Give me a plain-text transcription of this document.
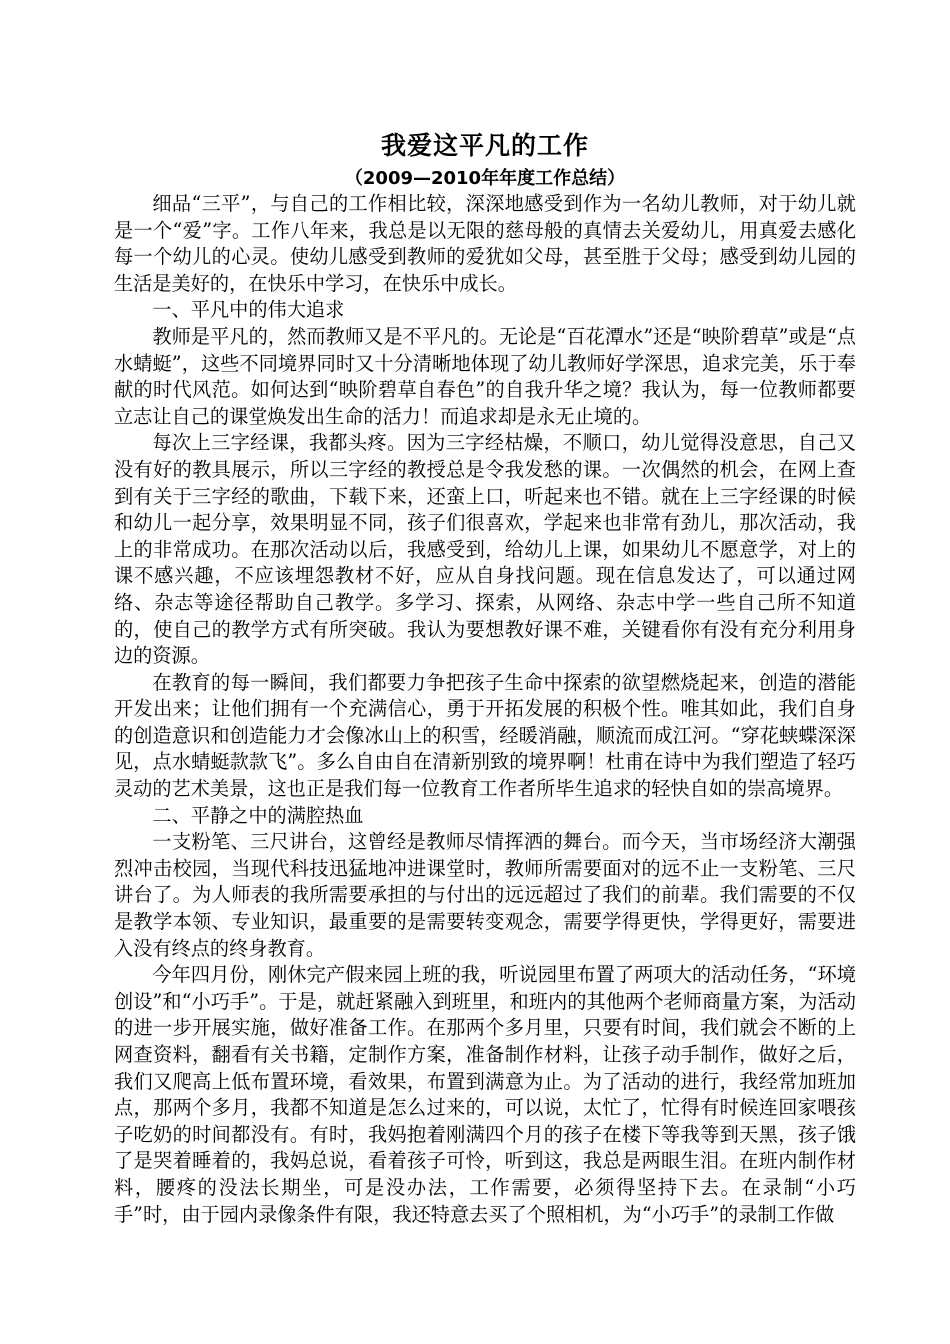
我爱这平凡的工作
（2009—2010年年度工作总结）

细品“三平”，与自己的工作相比较，深深地感受到作为一名幼儿教师，对于幼儿就是一个“爱”字。工作八年来，我总是以无限的慈母般的真情去关爱幼儿，用真爱去感化每一个幼儿的心灵。使幼儿感受到教师的爱犹如父母，甚至胜于父母；感受到幼儿园的生活是美好的，在快乐中学习，在快乐中成长。

一、平凡中的伟大追求

教师是平凡的，然而教师又是不平凡的。无论是“百花潭水”还是“映阶碧草”或是“点水蜻蜓”，这些不同境界同时又十分清晰地体现了幼儿教师好学深思，追求完美，乐于奉献的时代风范。如何达到“映阶碧草自春色”的自我升华之境？我认为，每一位教师都要立志让自己的课堂焕发出生命的活力！而追求却是永无止境的。

每次上三字经课，我都头疼。因为三字经枯燥，不顺口，幼儿觉得没意思，自己又没有好的教具展示，所以三字经的教授总是令我发愁的课。一次偶然的机会，在网上查到有关于三字经的歌曲，下载下来，还蛮上口，听起来也不错。就在上三字经课的时候和幼儿一起分享，效果明显不同，孩子们很喜欢，学起来也非常有劲儿，那次活动，我上的非常成功。在那次活动以后，我感受到，给幼儿上课，如果幼儿不愿意学，对上的课不感兴趣，不应该埋怨教材不好，应从自身找问题。现在信息发达了，可以通过网络、杂志等途径帮助自己教学。多学习、探索，从网络、杂志中学一些自己所不知道的，使自己的教学方式有所突破。我认为要想教好课不难，关键看你有没有充分利用身边的资源。

在教育的每一瞬间，我们都要力争把孩子生命中探索的欲望燃烧起来，创造的潜能开发出来；让他们拥有一个充满信心，勇于开拓发展的积极个性。唯其如此，我们自身的创造意识和创造能力才会像冰山上的积雪，经暖消融，顺流而成江河。“穿花蛱蝶深深见，点水蜻蜓款款飞”。多么自由自在清新别致的境界啊！杜甫在诗中为我们塑造了轻巧灵动的艺术美景，这也正是我们每一位教育工作者所毕生追求的轻快自如的崇高境界。

二、平静之中的满腔热血

一支粉笔、三尺讲台，这曾经是教师尽情挥洒的舞台。而今天，当市场经济大潮强烈冲击校园，当现代科技迅猛地冲进课堂时，教师所需要面对的远不止一支粉笔、三尺讲台了。为人师表的我所需要承担的与付出的远远超过了我们的前辈。我们需要的不仅是教学本领、专业知识，最重要的是需要转变观念，需要学得更快，学得更好，需要进入没有终点的终身教育。

今年四月份，刚休完产假来园上班的我，听说园里布置了两项大的活动任务，“环境创设”和“小巧手”。于是，就赶紧融入到班里，和班内的其他两个老师商量方案，为活动的进一步开展实施，做好准备工作。在那两个多月里，只要有时间，我们就会不断的上网查资料，翻看有关书籍，定制作方案，准备制作材料，让孩子动手制作，做好之后，我们又爬高上低布置环境，看效果，布置到满意为止。为了活动的进行，我经常加班加点，那两个多月，我都不知道是怎么过来的，可以说，太忙了，忙得有时候连回家喂孩子吃奶的时间都没有。有时，我妈抱着刚满四个月的孩子在楼下等我等到天黑，孩子饿了是哭着睡着的，我妈总说，看着孩子可怜，听到这，我总是两眼生泪。在班内制作材料，腰疼的没法长期坐，可是没办法，工作需要，必须得坚持下去。在录制“小巧手”时，由于园内录像条件有限，我还特意去买了个照相机，为“小巧手”的录制工作做
